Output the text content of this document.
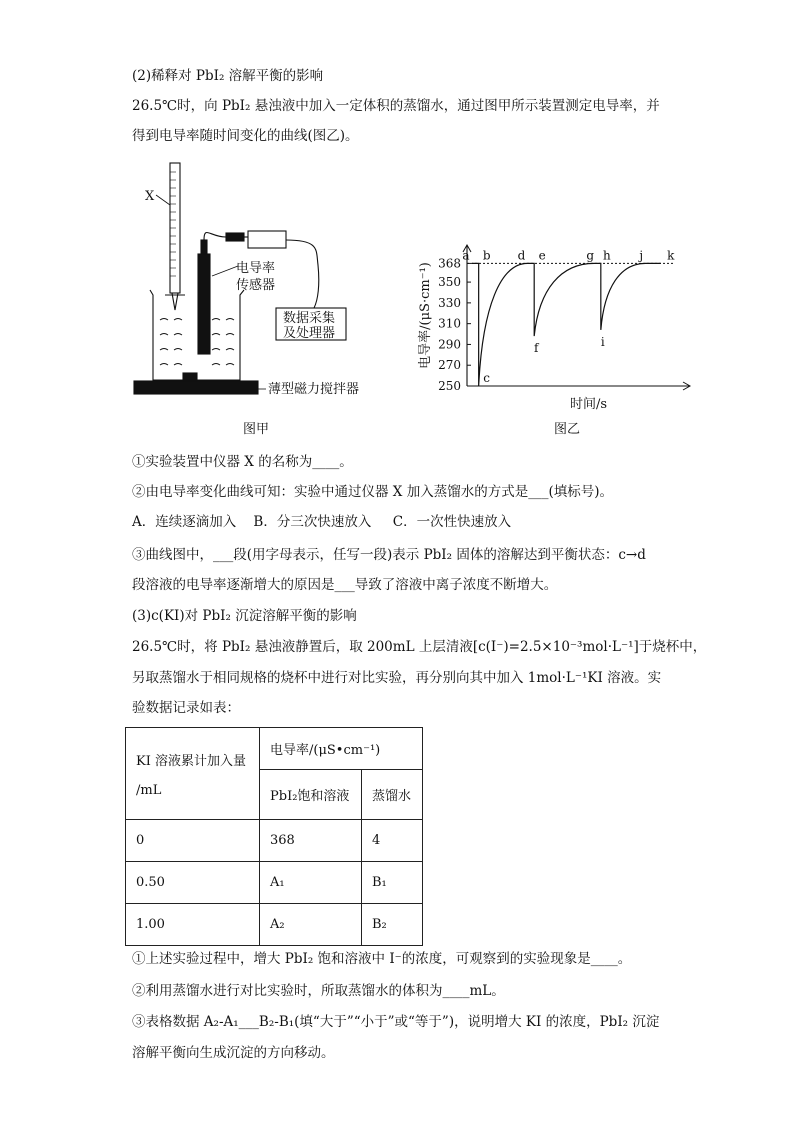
(2)稀释对 PbI₂ 溶解平衡的影响
26.5℃时，向 PbI₂ 悬浊液中加入一定体积的蒸馏水，通过图甲所示装置测定电导率，并
得到电导率随时间变化的曲线(图乙)。
X
电导率
传感器
数据采集
及处理器
薄型磁力搅拌器
图甲
250
270
290
310
330
350
368
a b
c
d e
f
g h
i
j k
电导率/(μS·cm⁻¹)
时间/s
图乙
①实验装置中仪器 X 的名称为____。
②由电导率变化曲线可知：实验中通过仪器 X 加入蒸馏水的方式是___(填标号)。
A．连续逐滴加入    B．分三次快速放入     C．一次性快速放入
③曲线图中，___段(用字母表示，任写一段)表示 PbI₂ 固体的溶解达到平衡状态：c→d
段溶液的电导率逐渐增大的原因是___导致了溶液中离子浓度不断增大。
(3)c(KI)对 PbI₂ 沉淀溶解平衡的影响
26.5℃时，将 PbI₂ 悬浊液静置后，取 200mL 上层清液[c(I⁻)=2.5×10⁻³mol·L⁻¹]于烧杯中，
另取蒸馏水于相同规格的烧杯中进行对比实验，再分别向其中加入 1mol·L⁻¹KI 溶液。实
验数据记录如表：
KI 溶液累计加入量
/mL	电导率/(μS•cm⁻¹)	
	PbI₂饱和溶液	蒸馏水
0	368	4
0.50	A₁	B₁
1.00	A₂	B₂
①上述实验过程中，增大 PbI₂ 饱和溶液中 I⁻的浓度，可观察到的实验现象是____。
②利用蒸馏水进行对比实验时，所取蒸馏水的体积为____mL。
③表格数据 A₂-A₁___B₂-B₁(填“大于”“小于”或“等于”)，说明增大 KI 的浓度，PbI₂ 沉淀
溶解平衡向生成沉淀的方向移动。
